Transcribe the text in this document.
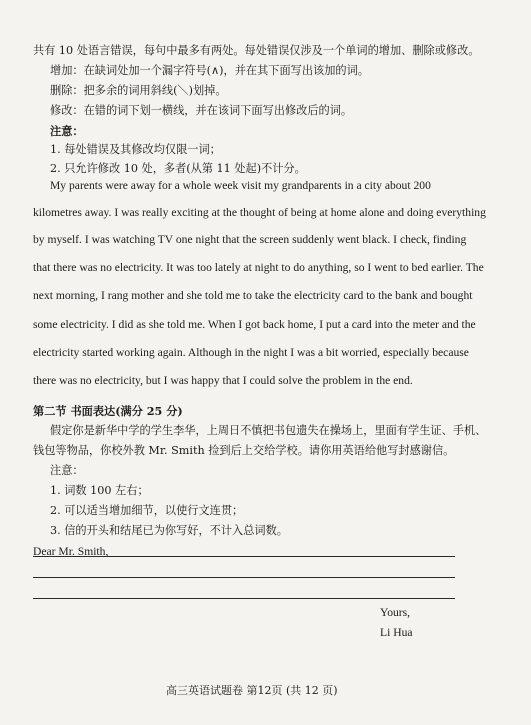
共有 10 处语言错误，每句中最多有两处。每处错误仅涉及一个单词的增加、删除或修改。
增加：在缺词处加一个漏字符号(∧)，并在其下面写出该加的词。
删除：把多余的词用斜线(＼)划掉。
修改：在错的词下划一横线，并在该词下面写出修改后的词。
注意：
1. 每处错误及其修改均仅限一词；
2. 只允许修改 10 处，多者(从第 11 处起)不计分。
My parents were away for a whole week visit my grandparents in a city about 200
kilometres away. I was really exciting at the thought of being at home alone and doing everything
by myself. I was watching TV one night that the screen suddenly went black. I check, finding
that there was no electricity. It was too lately at night to do anything, so I went to bed earlier. The
next morning, I rang mother and she told me to take the electricity card to the bank and bought
some electricity. I did as she told me. When I got back home, I put a card into the meter and the
electricity started working again. Although in the night I was a bit worried, especially because
there was no electricity, but I was happy that I could solve the problem in the end.
第二节 书面表达(满分 25 分)
假定你是新华中学的学生李华，上周日不慎把书包遗失在操场上，里面有学生证、手机、
钱包等物品，你校外教 Mr. Smith 捡到后上交给学校。请你用英语给他写封感谢信。
注意：
1. 词数 100 左右；
2. 可以适当增加细节，以使行文连贯；
3. 信的开头和结尾已为你写好，不计入总词数。
Dear Mr. Smith,
Yours,
Li Hua
高三英语试题卷 第12页 (共 12 页)
